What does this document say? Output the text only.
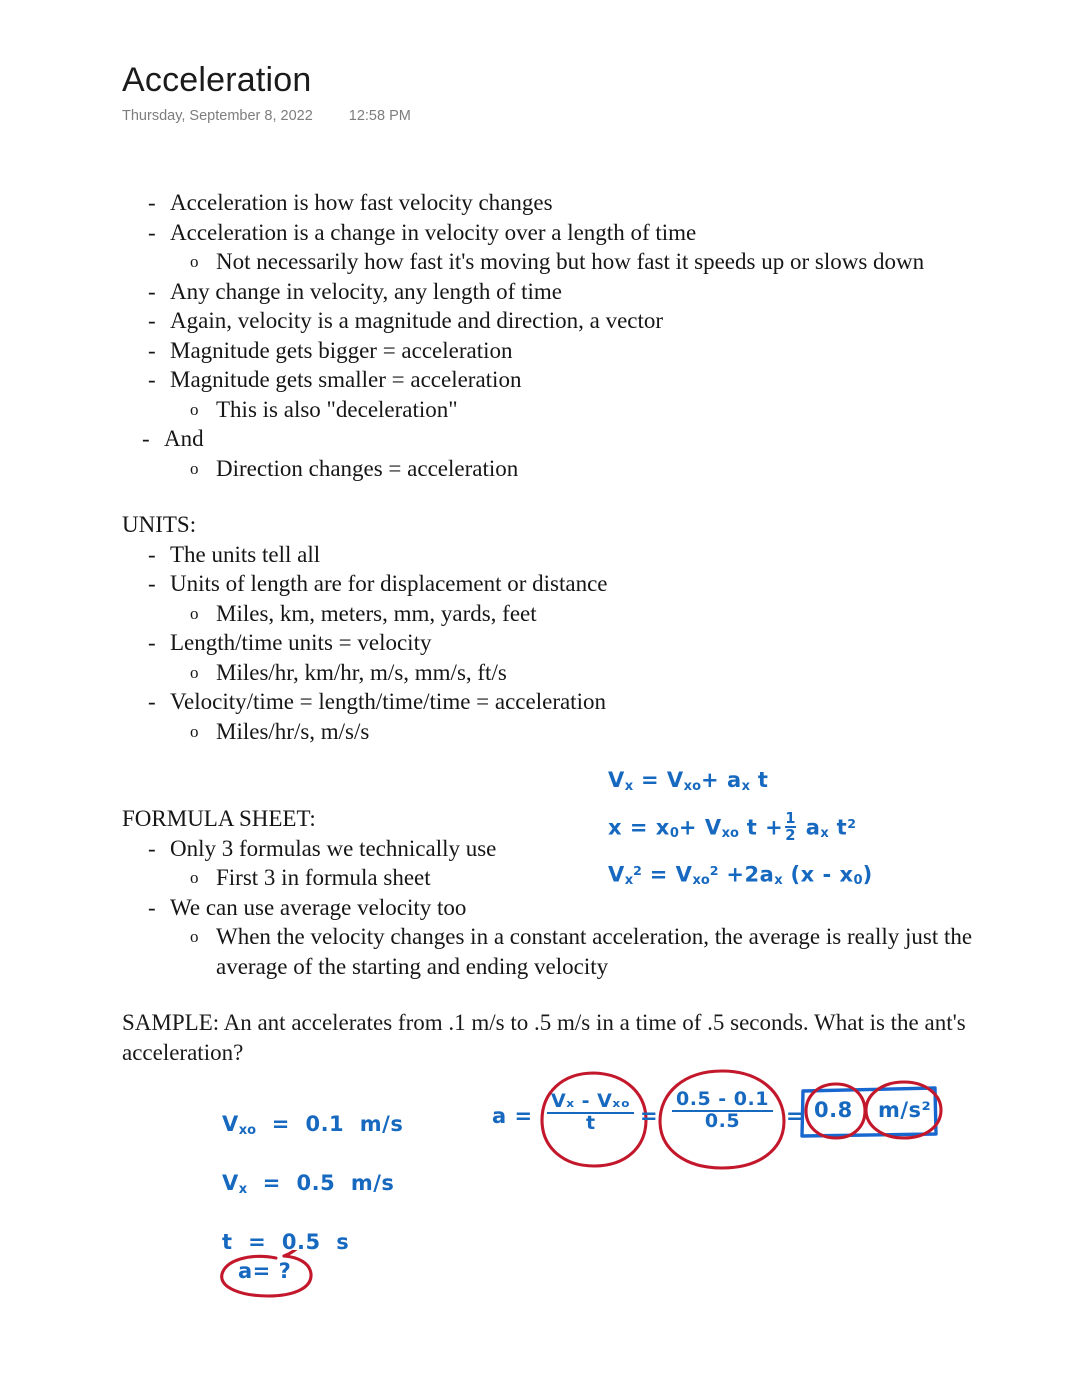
Acceleration
Thursday, September 8, 2022 12:58 PM
- Acceleration is how fast velocity changes
- Acceleration is a change in velocity over a length of time
o Not necessarily how fast it's moving but how fast it speeds up or slows down
- Any change in velocity, any length of time
- Again, velocity is a magnitude and direction, a vector
- Magnitude gets bigger = acceleration
- Magnitude gets smaller = acceleration
o This is also "deceleration"
- And
o Direction changes = acceleration
UNITS:
- The units tell all
- Units of length are for displacement or distance
o Miles, km, meters, mm, yards, feet
- Length/time units = velocity
o Miles/hr, km/hr, m/s, mm/s, ft/s
- Velocity/time = length/time/time = acceleration
o Miles/hr/s, m/s/s
FORMULA SHEET:
- Only 3 formulas we technically use
o First 3 in formula sheet
- We can use average velocity too
o When the velocity changes in a constant acceleration, the average is really just the average of the starting and ending velocity
$V_x = V_{xo}+ a_x$ t
$x = x_0+ V_{xo}$ $t + \frac{1}{2} a_x$ $t^2$
$V_x^2 = V_{xo}^2 +2a_x$ $(x - x_0)$
SAMPLE: An ant accelerates from .1 m/s to .5 m/s in a time of .5 seconds. What is the ant's acceleration?
$V_{xo} = 0.1$ m/s
$V_x = 0.5$ m/s
t = 0.5 s
a= ?
$a = \frac{\text{Vₓ - Vₓₒ}}{t} = \frac{0.5 - 0.1}{0.5} = 0.8$ m/s²
